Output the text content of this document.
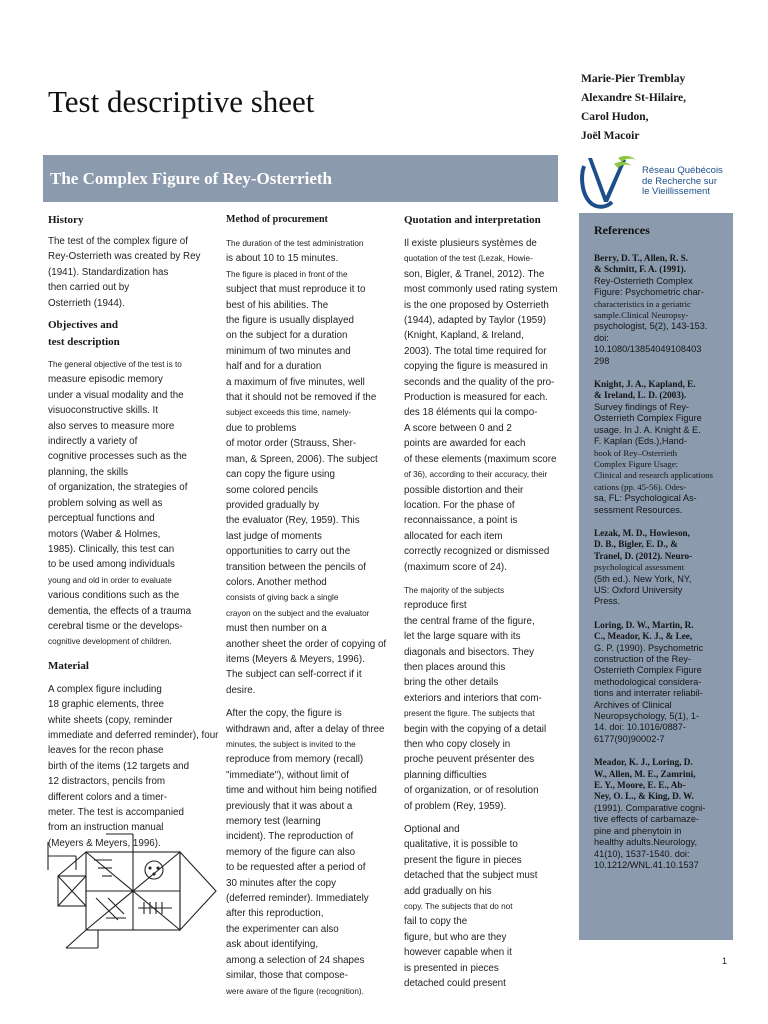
Test descriptive sheet
Marie-Pier Tremblay
Alexandre St-Hilaire,
Carol Hudon,
Joël Macoir
The Complex Figure of Rey-Osterrieth	Réseau Québécois
de Recherche sur
le Vieillissement
History
The test of the complex figure of
Rey-Osterrieth was created by Rey
(1941). Standardization has
then carried out by
Osterrieth (1944).
Objectives and
test description
The general objective of the test is to
measure episodic memory
under a visual modality and the
visuoconstructive skills. It
also serves to measure more
indirectly a variety of
cognitive processes such as the
planning, the skills
of organization, the strategies of
problem solving as well as
perceptual functions and
motors (Waber & Holmes,
1985). Clinically, this test can
to be used among individuals
young and old in order to evaluate
various conditions such as the
dementia, the effects of a trauma
cerebral tisme or the develops-
cognitive development of children.
Material
A complex figure including
18 graphic elements, three
white sheets (copy, reminder
immediate and deferred reminder), four
leaves for the recon phase
birth of the items (12 targets and
12 distractors, pencils from
different colors and a timer-
meter. The test is accompanied
from an instruction manual
(Meyers & Meyers, 1996).
Method of procurement
The duration of the test administration
is about 10 to 15 minutes.
The figure is placed in front of the
subject that must reproduce it to
best of his abilities. The
the figure is usually displayed
on the subject for a duration
minimum of two minutes and
half and for a duration
a maximum of five minutes, well
that it should not be removed if the
subject exceeds this time, namely-
due to problems
of motor order (Strauss, Sher-
man, & Spreen, 2006). The subject
can copy the figure using
some colored pencils
provided gradually by
the evaluator (Rey, 1959). This
last judge of moments
opportunities to carry out the
transition between the pencils of
colors. Another method
consists of giving back a single
crayon on the subject and the evaluator
must then number on a
another sheet the order of copying of
items (Meyers & Meyers, 1996).
The subject can self-correct if it
desire.
After the copy, the figure is
withdrawn and, after a delay of three
minutes, the subject is invited to the
reproduce from memory (recall)
"immediate"), without limit of
time and without him being notified
previously that it was about a
memory test (learning
incident). The reproduction of
memory of the figure can also
to be requested after a period of
30 minutes after the copy
(deferred reminder). Immediately
after this reproduction,
the experimenter can also
ask about identifying,
among a selection of 24 shapes
similar, those that compose-
were aware of the figure (recognition).
Quotation and interpretation
Il existe plusieurs systèmes de
quotation of the test (Lezak, Howie-
son, Bigler, & Tranel, 2012). The
most commonly used rating system
is the one proposed by Osterrieth
(1944), adapted by Taylor (1959)
(Knight, Kapland, & Ireland,
2003). The total time required for
copying the figure is measured in
seconds and the quality of the pro-
Production is measured for each.
des 18 éléments qui la compo-
A score between 0 and 2
points are awarded for each
of these elements (maximum score
of 36), according to their accuracy, their
possible distortion and their
location. For the phase of
reconnaissance, a point is
allocated for each item
correctly recognized or dismissed
(maximum score of 24).
The majority of the subjects
reproduce first
the central frame of the figure,
let the large square with its
diagonals and bisectors. They
then places around this
bring the other details
exteriors and interiors that com-
present the figure. The subjects that
begin with the copying of a detail
then who copy closely in
proche peuvent présenter des
planning difficulties
of organization, or of resolution
of problem (Rey, 1959).
Optional and
qualitative, it is possible to
present the figure in pieces
detached that the subject must
add gradually on his
copy. The subjects that do not
fail to copy the
figure, but who are they
however capable when it
is presented in pieces
detached could present
References
Berry, D. T., Allen, R. S.
& Schmitt, F. A. (1991).
Rey-Osterrieth Complex
Figure: Psychometric char-
characteristics in a geriatric
sample.Clinical Neuropsy-
psychologist, 5(2), 143-153.
doi:
10.1080/13854049108403
298
Knight, J. A., Kapland, E.
& Ireland, L. D. (2003).
Survey findings of Rey-
Osterrieth Complex Figure
usage. In J. A. Knight & E.
F. Kaplan (Eds.),Hand-
book of Rey–Osterrieth
Complex Figure Usage:
Clinical and research applications
cations (pp. 45-56). Odes-
sa, FL: Psychological As-
sessment Resources.
Lezak, M. D., Howieson,
D. B., Bigler, E. D., &
Tranel, D. (2012). Neuro-
psychological assessment
(5th ed.). New York, NY,
US: Oxford University
Press.
Loring, D. W., Martin, R.
C., Meador, K. J., & Lee,
G. P. (1990). Psychometric
construction of the Rey-
Osterrieth Complex Figure
methodological considera-
tions and interrater reliabil-
Archives of Clinical
Neuropsychology, 5(1), 1-
14. doi: 10.1016/0887-
6177(90)90002-7
Meador, K. J., Loring, D.
W., Allen, M. E., Zamrini,
E. Y., Moore, E. E., Ab-
Ney, O. L., & King, D. W.
(1991). Comparative cogni-
tive effects of carbamaze-
pine and phenytoin in
healthy adults.Neurology,
41(10), 1537-1540. doi:
10.1212/WNL.41.10.1537
1
